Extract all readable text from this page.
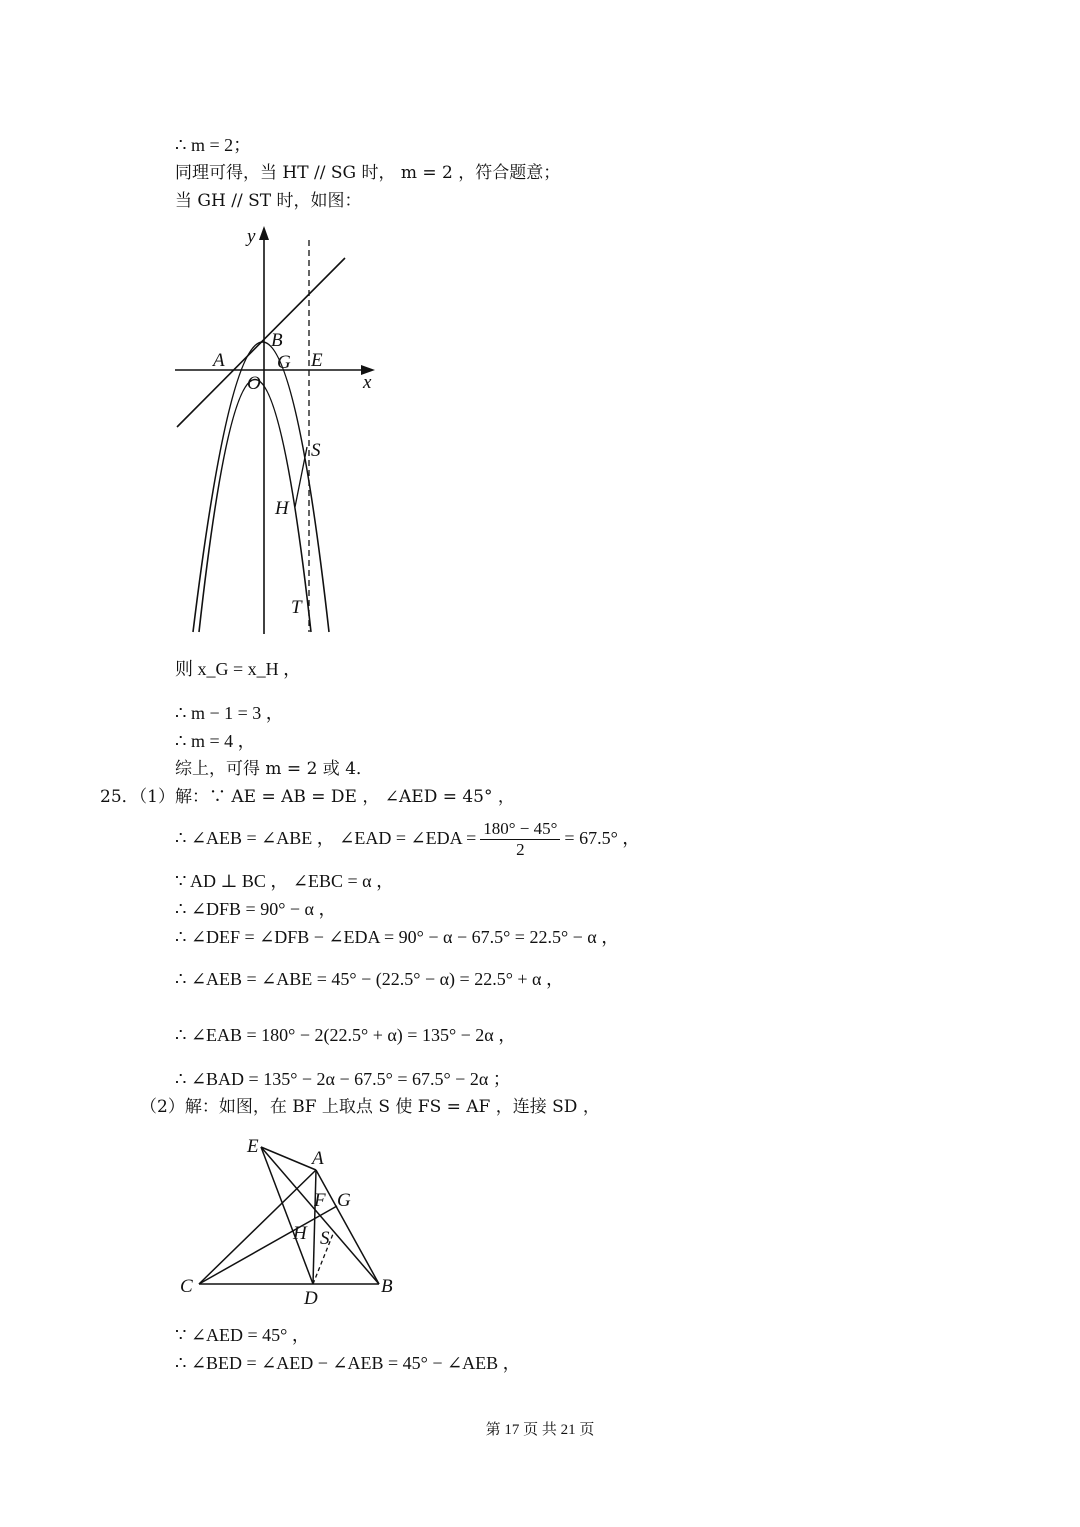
∴ m = 2；
同理可得，当 HT // SG 时， m = 2 ，符合题意；
当 GH // ST 时，如图：
y
x
A
O
B
G E
S
H
T
则 x_G = x_H ，
∴ m − 1 = 3 ，
∴ m = 4 ，
综上，可得 m = 2 或 4．
25．（1）解：∵ AE = AB = DE ， ∠AED = 45° ，
∴ ∠AEB = ∠ABE ， ∠EAD = ∠EDA = $\frac{180^\circ - 45^\circ}{2} = 67.5^\circ$ ，
∵ AD ⊥ BC ， ∠EBC = α ，
∴ ∠DFB = 90° − α ，
∴ ∠DEF = ∠DFB − ∠EDA = 90° − α − 67.5° = 22.5° − α ，
∴ ∠AEB = ∠ABE = 45° − (22.5° − α) = 22.5° + α ，
∴ ∠EAB = 180° − 2(22.5° + α) = 135° − 2α ，
∴ ∠BAD = 135° − 2α − 67.5° = 67.5° − 2α ；
（2）解：如图，在 BF 上取点 S 使 FS = AF ，连接 SD ，
E
A
F G
H S
C
D
B
∵ ∠AED = 45° ，
∴ ∠BED = ∠AED − ∠AEB = 45° − ∠AEB ，
第 17 页 共 21 页
